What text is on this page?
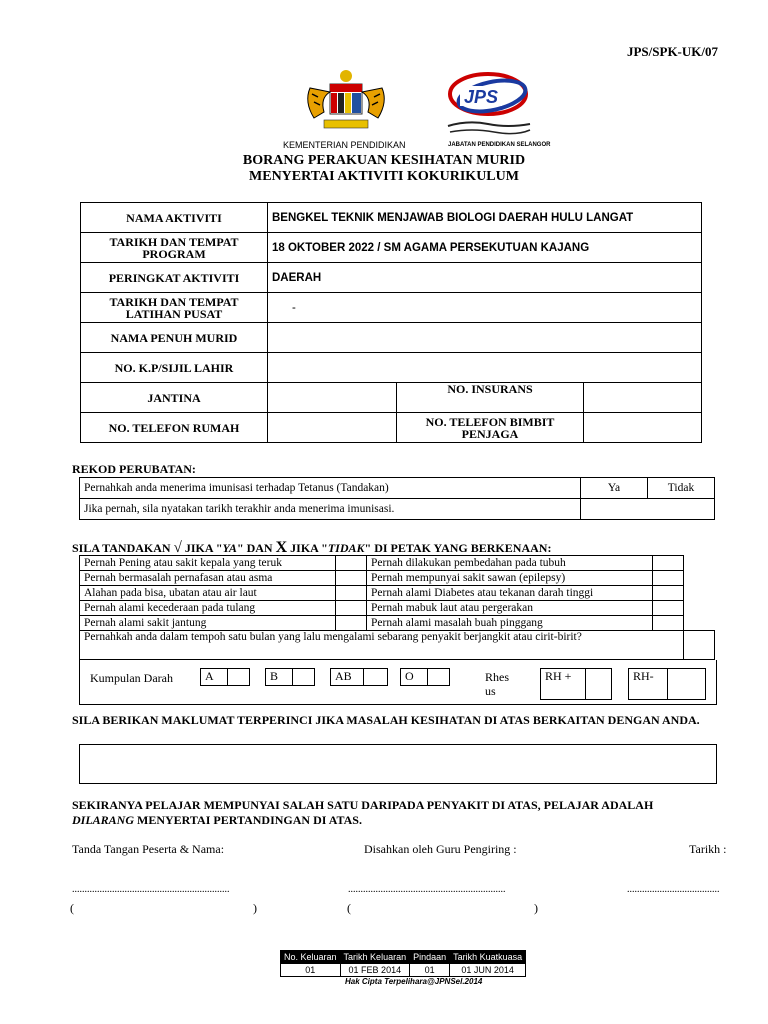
JPS/SPK-UK/07
KEMENTERIAN PENDIDIKAN
JPS
JABATAN PENDIDIKAN SELANGOR
BORANG PERAKUAN KESIHATAN MURID
MENYERTAI AKTIVITI KOKURIKULUM
NAMA AKTIVITI	BENGKEL TEKNIK MENJAWAB BIOLOGI DAERAH HULU LANGAT		
TARIKH DAN TEMPAT PROGRAM	18 OKTOBER 2022 / SM AGAMA PERSEKUTUAN KAJANG		
PERINGKAT AKTIVITI	DAERAH		
TARIKH DAN TEMPAT LATIHAN PUSAT	-		
NAMA PENUH MURID			
NO. K.P/SIJIL LAHIR			
JANTINA		NO. INSURANS	
NO. TELEFON RUMAH		NO. TELEFON BIMBIT PENJAGA	
REKOD PERUBATAN:
Pernahkah anda menerima imunisasi terhadap Tetanus (Tandakan)	Ya	Tidak
Jika pernah, sila nyatakan tarikh terakhir anda menerima imunisasi.		
SILA TANDAKAN √ JIKA "YA" DAN X JIKA "TIDAK" DI PETAK YANG BERKENAAN:
Pernah Pening atau sakit kepala yang teruk		Pernah dilakukan pembedahan pada tubuh		
Pernah bermasalah pernafasan atau asma		Pernah mempunyai sakit sawan (epilepsy)		
Alahan pada bisa, ubatan atau air laut		Pernah alami Diabetes atau tekanan darah tinggi		
Pernah alami kecederaan pada tulang		Pernah mabuk laut atau pergerakan		
Pernah alami sakit jantung		Pernah alami masalah buah pinggang		
Pernahkah anda dalam tempoh satu bulan yang lalu mengalami sebarang penyakit berjangkit atau cirit-birit?				
Kumpulan Darah	A	B	AB	O	Rhesus
RH +	RH-
SILA BERIKAN MAKLUMAT TERPERINCI JIKA MASALAH KESIHATAN DI ATAS BERKAITAN DENGAN ANDA.
SEKIRANYA PELAJAR MEMPUNYAI SALAH SATU DARIPADA PENYAKIT DI ATAS, PELAJAR ADALAH
DILARANG MENYERTAI PERTANDINGAN DI ATAS.
Tanda Tangan Peserta & Nama:	Disahkan oleh Guru Pengiring :	Tarikh :
...............................................................	...............................................................	.....................................
(	)	(	)
No. Keluaran	Tarikh Keluaran	Pindaan	Tarikh Kuatkuasa
01	01 FEB 2014	01	01 JUN 2014
Hak Cipta Terpelihara@JPNSel.2014
